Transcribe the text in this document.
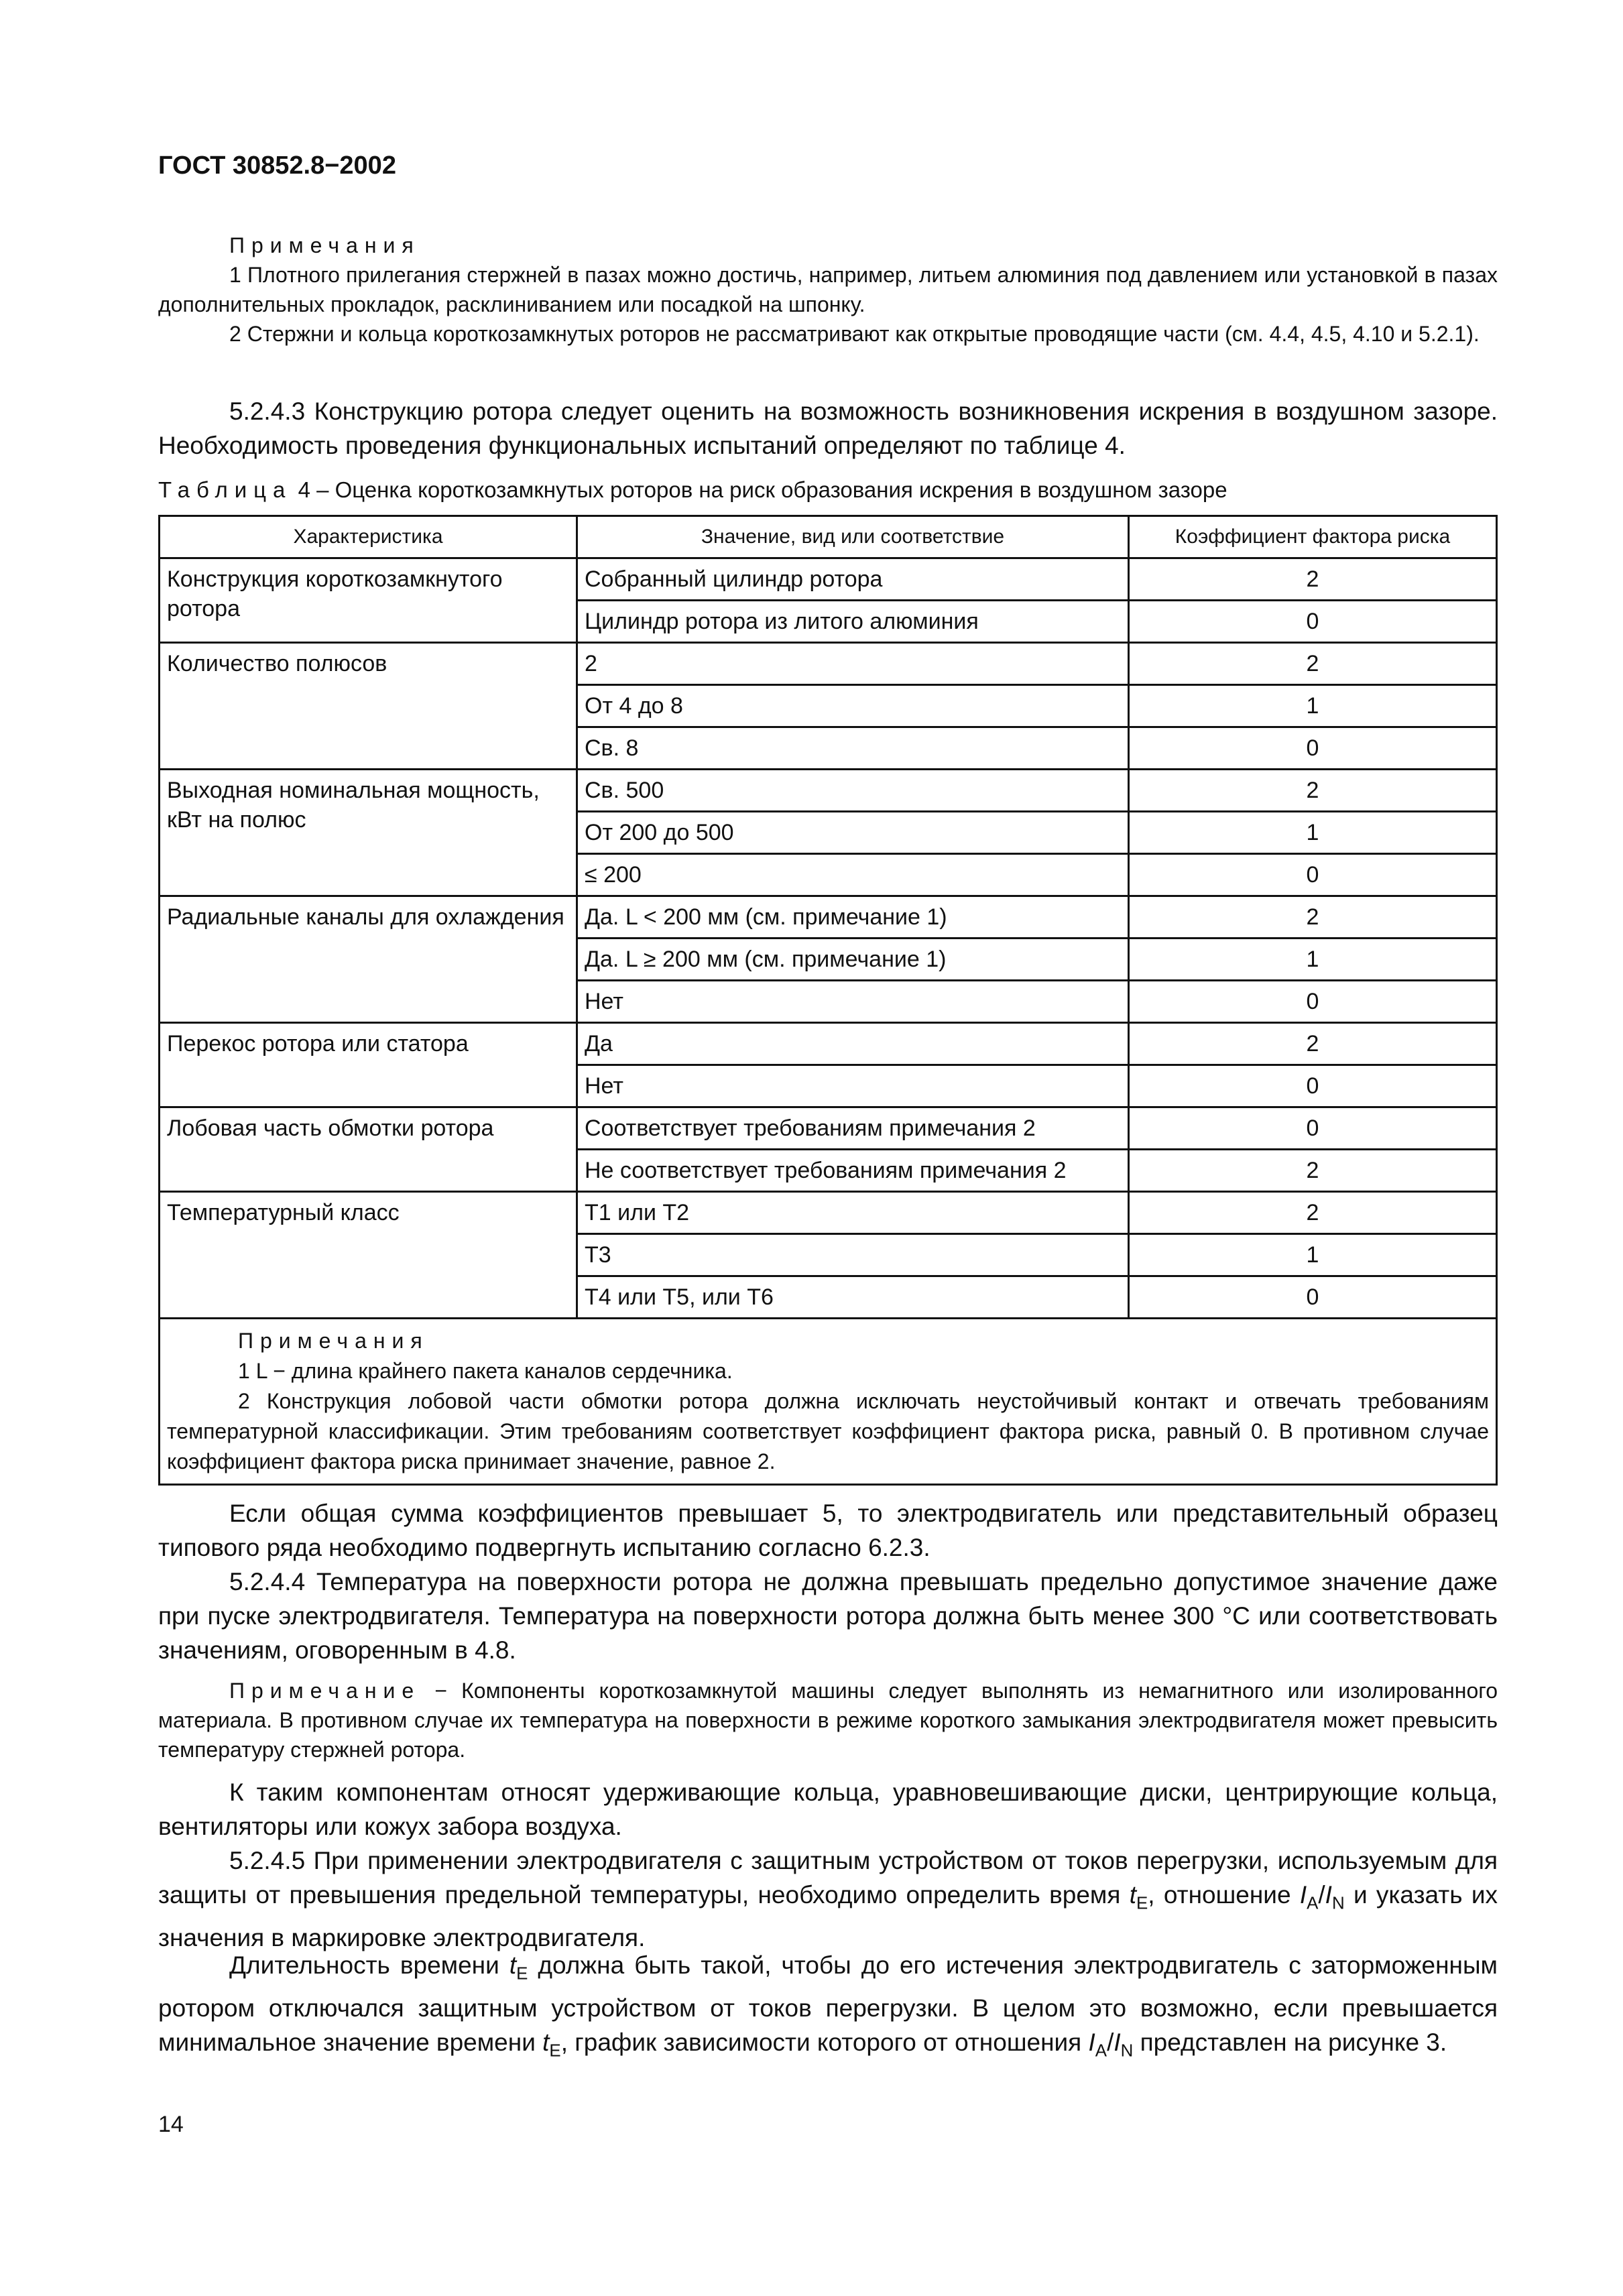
ГОСТ 30852.8−2002

Примечания

1 Плотного прилегания стержней в пазах можно достичь, например, литьем алюминия под давлением или установкой в пазах дополнительных прокладок, расклиниванием или посадкой на шпонку.

2 Стержни и кольца короткозамкнутых роторов не рассматривают как открытые проводящие части (см. 4.4, 4.5, 4.10 и 5.2.1).

5.2.4.3 Конструкцию ротора следует оценить на возможность возникновения искрения в воздушном зазоре. Необходимость проведения функциональных испытаний определяют по таблице 4.

Таблица 4 – Оценка короткозамкнутых роторов на риск образования искрения в воздушном зазоре
Характеристика	Значение, вид или соответствие	Коэффициент фактора риска
Конструкция короткозамкнутого ротора	Собранный цилиндр ротора	2
	Цилиндр ротора из литого алюминия	0
Количество полюсов	2	2
	От 4 до 8	1
	Св. 8	0
Выходная номинальная мощность, кВт на полюс	Св. 500	2
	От 200 до 500	1
	≤ 200	0
Радиальные каналы для охлаждения	Да. L < 200 мм (см. примечание 1)	2
	Да. L ≥ 200 мм (см. примечание 1)	1
	Нет	0
Перекос ротора или статора	Да	2
	Нет	0
Лобовая часть обмотки ротора	Соответствует требованиям примечания 2	0
	Не соответствует требованиям примечания 2	2
Температурный класс	Т1 или Т2	2
	Т3	1
	Т4 или Т5, или Т6	0

Примечания

1 L − длина крайнего пакета каналов сердечника.

2 Конструкция лобовой части обмотки ротора должна исключать неустойчивый контакт и отвечать требованиям температурной классификации. Этим требованиям соответствует коэффициент фактора риска, равный 0. В противном случае коэффициент фактора риска принимает значение, равное 2.		

Если общая сумма коэффициентов превышает 5, то электродвигатель или представительный образец типового ряда необходимо подвергнуть испытанию согласно 6.2.3.

5.2.4.4 Температура на поверхности ротора не должна превышать предельно допустимое значение даже при пуске электродвигателя. Температура на поверхности ротора должна быть менее 300 °C или соответствовать значениям, оговоренным в 4.8.

Примечание − Компоненты короткозамкнутой машины следует выполнять из немагнитного или изолированного материала. В противном случае их температура на поверхности в режиме короткого замыкания электродвигателя может превысить температуру стержней ротора.

К таким компонентам относят удерживающие кольца, уравновешивающие диски, центрирующие кольца, вентиляторы или кожух забора воздуха.

5.2.4.5 При применении электродвигателя с защитным устройством от токов перегрузки, используемым для защиты от превышения предельной температуры, необходимо определить время $t_E$, отношение $I_A/I_N$ и указать их значения в маркировке электродвигателя.

Длительность времени $t_E$ должна быть такой, чтобы до его истечения электродвигатель с заторможенным ротором отключался защитным устройством от токов перегрузки. В целом это возможно, если превышается минимальное значение времени $t_E$, график зависимости которого от отношения $I_A/I_N$ представлен на рисунке 3.

14
